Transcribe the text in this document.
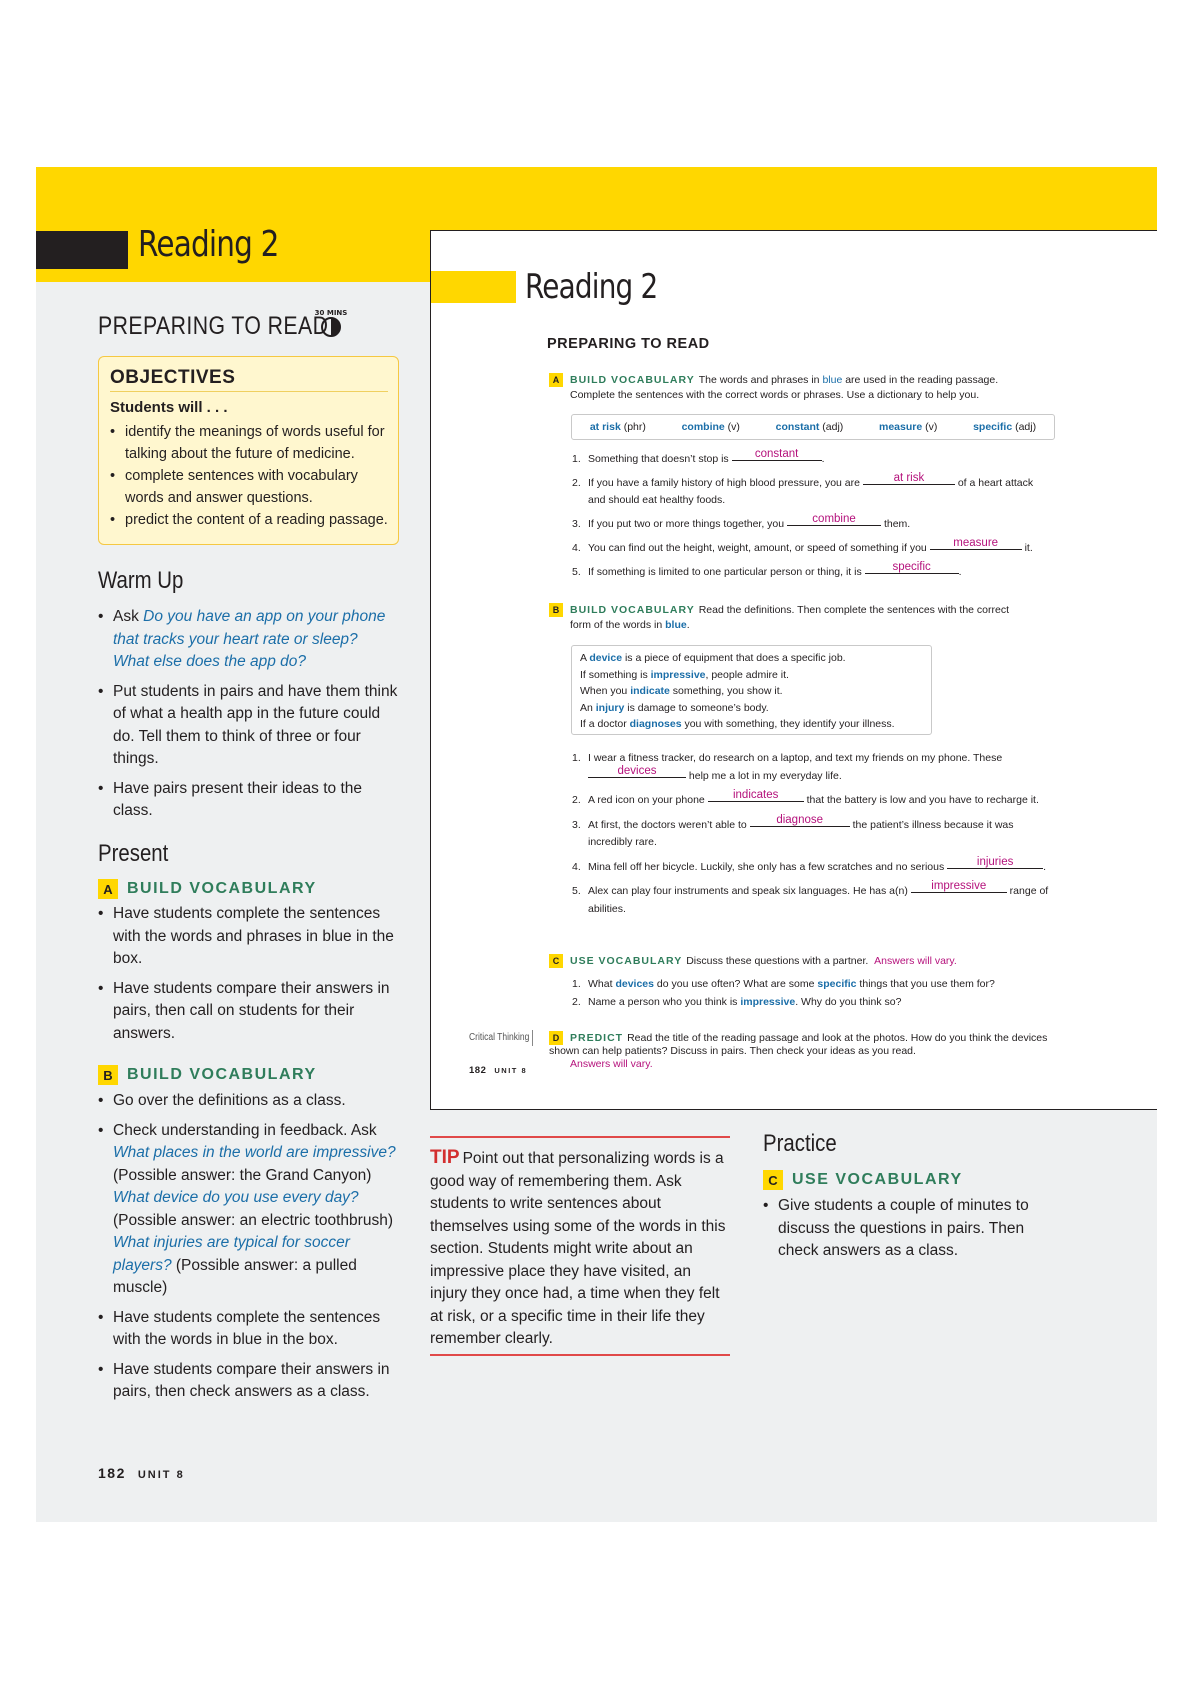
Reading 2
PREPARING TO READ
30 MINS
OBJECTIVES
Students will . . .
• identify the meanings of words useful for talking about the future of medicine.
• complete sentences with vocabulary words and answer questions.
• predict the content of a reading passage.
Warm Up
• Ask Do you have an app on your phone that tracks your heart rate or sleep? What else does the app do?
• Put students in pairs and have them think of what a health app in the future could do. Tell them to think of three or four things.
• Have pairs present their ideas to the class.
Present
A BUILD VOCABULARY
• Have students complete the sentences with the words and phrases in blue in the box.
• Have students compare their answers in pairs, then call on students for their answers.
B BUILD VOCABULARY
• Go over the definitions as a class.
• Check understanding in feedback. Ask What places in the world are impressive? (Possible answer: the Grand Canyon) What device do you use every day? (Possible answer: an electric toothbrush) What injuries are typical for soccer players? (Possible answer: a pulled muscle)
• Have students complete the sentences with the words in blue in the box.
• Have students compare their answers in pairs, then check answers as a class.
182 UNIT 8
Reading 2
PREPARING TO READ
A BUILD VOCABULARY The words and phrases in blue are used in the reading passage.
Complete the sentences with the correct words or phrases. Use a dictionary to help you.
at risk (phr)	combine (v)	constant (adj)	measure (v)	specific (adj)
1. Something that doesn’t stop is constant .
2. If you have a family history of high blood pressure, you are	at risk	of a heart attack and should eat healthy foods.
3. If you put two or more things together, you combine them.
4. You can find out the height, weight, amount, or speed of something if you measure it.
5. If something is limited to one particular person or thing, it is specific	.
B BUILD VOCABULARY Read the definitions. Then complete the sentences with the correct
form of the words in blue.
A device is a piece of equipment that does a specific job.
If something is impressive, people admire it.
When you indicate something, you show it.
An injury is damage to someone’s body.
If a doctor diagnoses you with something, they identify your illness.
1. I wear a fitness tracker, do research on a laptop, and text my friends on my phone. These devices	help me a lot in my everyday life.
2. A red icon on your phone indicates that the battery is low and you have to recharge it.
3. At first, the doctors weren’t able to diagnose	the patient’s illness because it was incredibly rare.
4. Mina fell off her bicycle. Luckily, she only has a few scratches and no serious	injuries	.
5. Alex can play four instruments and speak six languages. He has a(n) impressive range of abilities.
C USE VOCABULARY Discuss these questions with a partner. Answers will vary.
1. What devices do you use often? What are some specific things that you use them for?
2. Name a person who you think is impressive. Why do you think so?
Critical Thinking	D PREDICT Read the title of the reading passage and look at the photos. How do you think the devices shown can help patients? Discuss in pairs. Then check your ideas as you read.
Answers will vary.
182 UNIT 8
TIP Point out that personalizing words is a good way of remembering them. Ask students to write sentences about themselves using some of the words in this section. Students might write about an impressive place they have visited, an injury they once had, a time when they felt at risk, or a specific time in their life they remember clearly.
Practice
C USE VOCABULARY
• Give students a couple of minutes to discuss the questions in pairs. Then check answers as a class.
